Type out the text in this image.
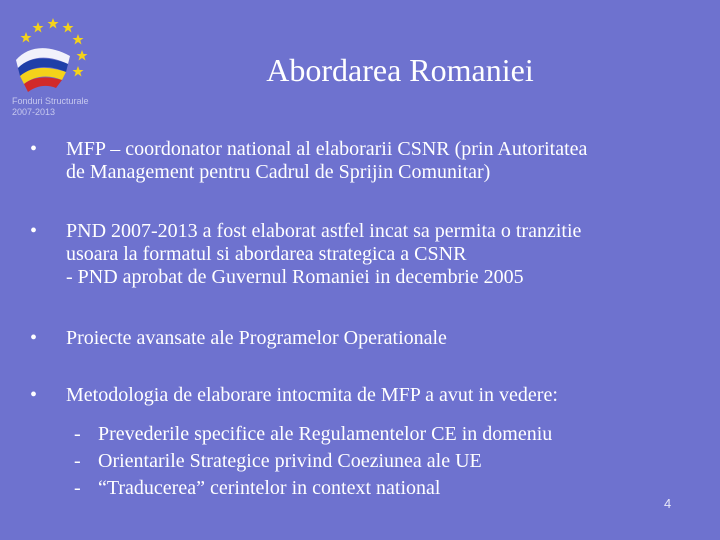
Fonduri Structurale
2007-2013
Abordarea Romaniei
•	MFP – coordonator national al elaborarii CSNR (prin Autoritatea
de Management pentru Cadrul de Sprijin Comunitar)
•	PND 2007-2013 a fost elaborat astfel incat sa permita o tranzitie
usoara la formatul si abordarea strategica a CSNR
- PND aprobat de Guvernul Romaniei in decembrie 2005
•	Proiecte avansate ale Programelor Operationale
•	Metodologia de elaborare intocmita de MFP a avut in vedere:
- Prevederile specifice ale Regulamentelor CE in domeniu
- Orientarile Strategice privind Coeziunea ale UE
- “Traducerea” cerintelor in context national
4
